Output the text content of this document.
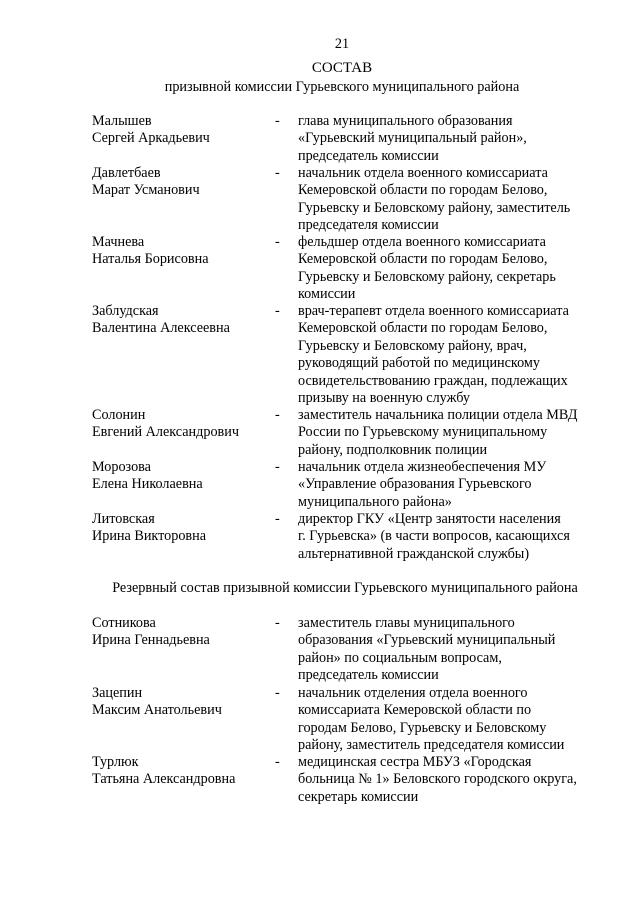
21
СОСТАВ
призывной комиссии Гурьевского муниципального района
Малышев
Сергей Аркадьевич
- глава муниципального образования
«Гурьевский муниципальный район»,
председатель комиссии
Давлетбаев
Марат Усманович
- начальник отдела военного комиссариата
Кемеровской области по городам Белово,
Гурьевску и Беловскому району, заместитель
председателя комиссии
Мачнева
Наталья Борисовна
- фельдшер отдела военного комиссариата
Кемеровской области по городам Белово,
Гурьевску и Беловскому району, секретарь
комиссии
Заблудская
Валентина Алексеевна
- врач-терапевт отдела военного комиссариата
Кемеровской области по городам Белово,
Гурьевску и Беловскому району, врач,
руководящий работой по медицинскому
освидетельствованию граждан, подлежащих
призыву на военную службу
Солонин
Евгений Александрович
- заместитель начальника полиции отдела МВД
России по Гурьевскому муниципальному
району, подполковник полиции
Морозова
Елена Николаевна
- начальник отдела жизнеобеспечения МУ
«Управление образования Гурьевского
муниципального района»
Литовская
Ирина Викторовна
- директор ГКУ «Центр занятости населения
г. Гурьевска» (в части вопросов, касающихся
альтернативной гражданской службы)
Резервный состав призывной комиссии Гурьевского муниципального района
Сотникова
Ирина Геннадьевна
- заместитель главы муниципального
образования «Гурьевский муниципальный
район» по социальным вопросам,
председатель комиссии
Зацепин
Максим Анатольевич
- начальник отделения отдела военного
комиссариата Кемеровской области по
городам Белово, Гурьевску и Беловскому
району, заместитель председателя комиссии
Турлюк
Татьяна Александровна
- медицинская сестра МБУЗ «Городская
больница № 1» Беловского городского округа,
секретарь комиссии
